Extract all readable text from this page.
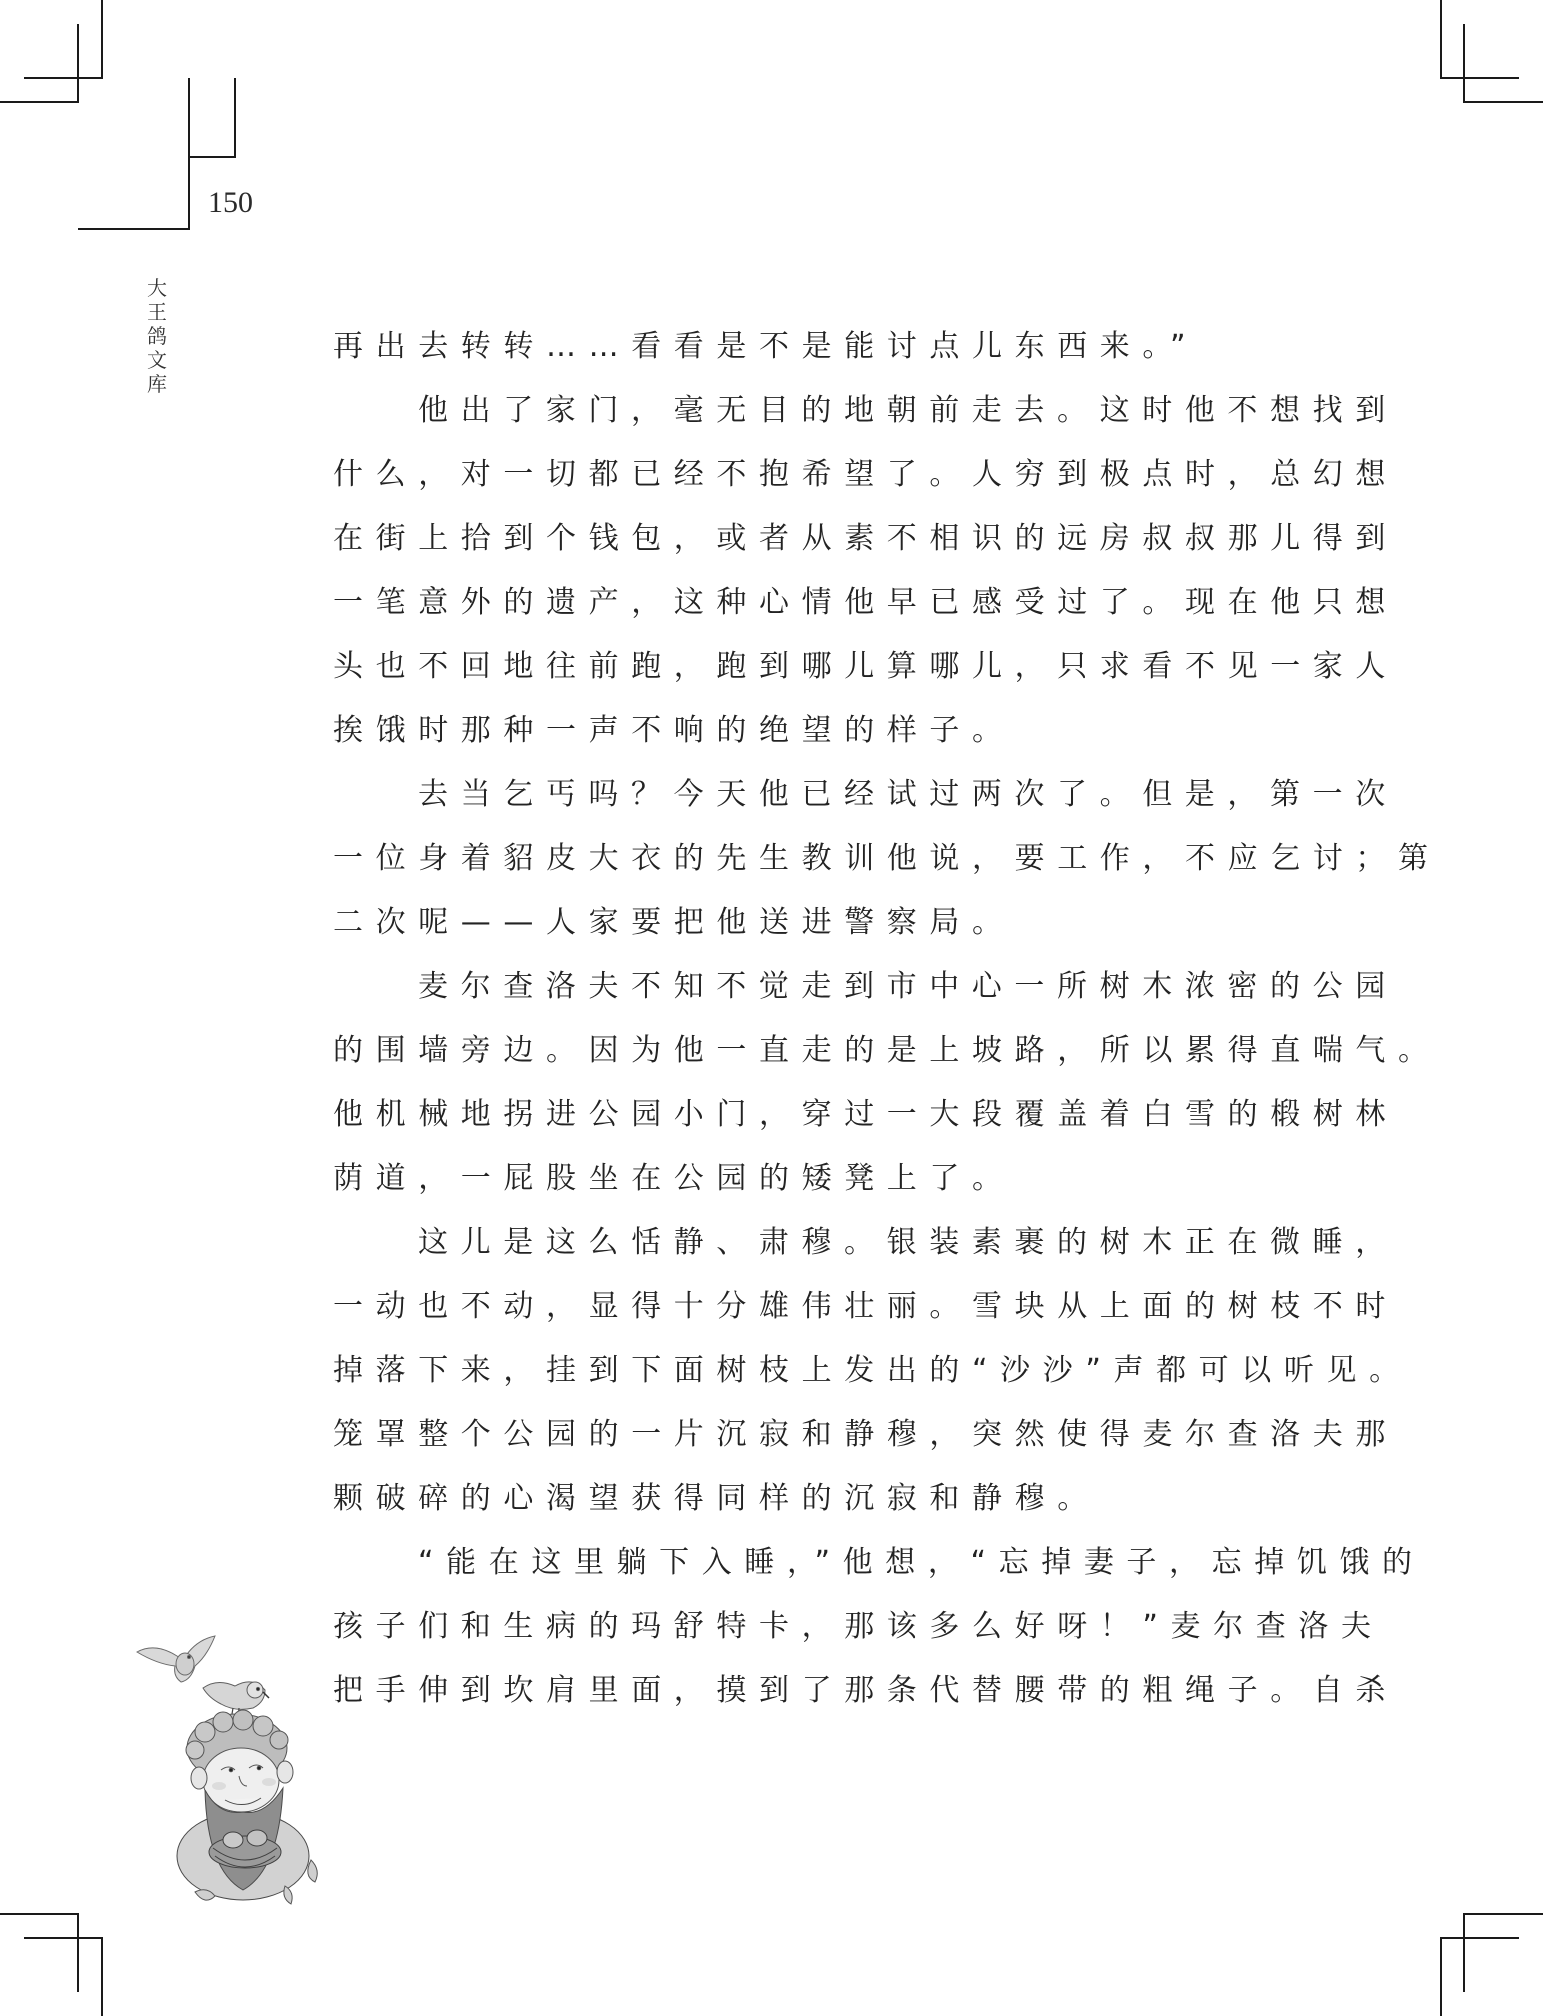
150
大
王
鸽
文
库
再出去转转……看看是不是能讨点儿东西来。”
他出了家门，毫无目的地朝前走去。这时他不想找到
什么，对一切都已经不抱希望了。人穷到极点时，总幻想
在街上拾到个钱包，或者从素不相识的远房叔叔那儿得到
一笔意外的遗产，这种心情他早已感受过了。现在他只想
头也不回地往前跑，跑到哪儿算哪儿，只求看不见一家人
挨饿时那种一声不响的绝望的样子。
去当乞丐吗？今天他已经试过两次了。但是，第一次
一位身着貂皮大衣的先生教训他说，要工作，不应乞讨；第
二次呢——人家要把他送进警察局。
麦尔查洛夫不知不觉走到市中心一所树木浓密的公园
的围墙旁边。因为他一直走的是上坡路，所以累得直喘气。
他机械地拐进公园小门，穿过一大段覆盖着白雪的椴树林
荫道，一屁股坐在公园的矮凳上了。
这儿是这么恬静、肃穆。银装素裹的树木正在微睡，
一动也不动，显得十分雄伟壮丽。雪块从上面的树枝不时
掉落下来，挂到下面树枝上发出的“沙沙”声都可以听见。
笼罩整个公园的一片沉寂和静穆，突然使得麦尔查洛夫那
颗破碎的心渴望获得同样的沉寂和静穆。
“能在这里躺下入睡，”他想，“忘掉妻子，忘掉饥饿的
孩子们和生病的玛舒特卡，那该多么好呀！”麦尔查洛夫
把手伸到坎肩里面，摸到了那条代替腰带的粗绳子。自杀
